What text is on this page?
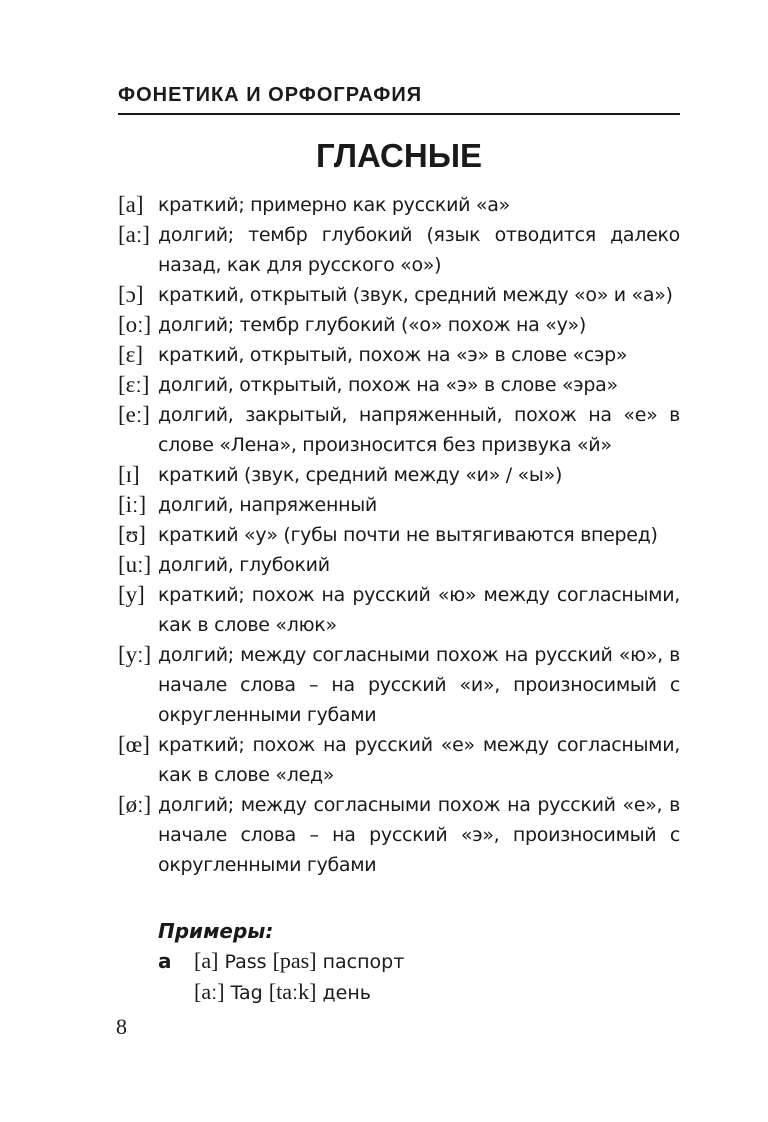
ФОНЕТИКА И ОРФОГРАФИЯ
ГЛАСНЫЕ
[a] краткий; примерно как русский «а»
[aː] долгий; тембр глубокий (язык отводится далеко назад, как для русского «о»)
[ɔ] краткий, открытый (звук, средний между «о» и «а»)
[oː] долгий; тембр глубокий («о» похож на «у»)
[ɛ] краткий, открытый, похож на «э» в слове «сэр»
[ɛː] долгий, открытый, похож на «э» в слове «эра»
[eː] долгий, закрытый, напряженный, похож на «е» в слове «Лена», произносится без призвука «й»
[ɪ] краткий (звук, средний между «и» / «ы»)
[iː] долгий, напряженный
[ʊ] краткий «у» (губы почти не вытягиваются вперед)
[uː] долгий, глубокий
[y] краткий; похож на русский «ю» между согласными, как в слове «люк»
[yː] долгий; между согласными похож на русский «ю», в начале слова – на русский «и», произносимый с округленными губами
[œ] краткий; похож на русский «е» между согласными, как в слове «лед»
[øː] долгий; между согласными похож на русский «е», в начале слова – на русский «э», произносимый с округленными губами
Примеры:
a	[a] Pass [pas] паспорт
[aː] Tag [taːk] день
8
